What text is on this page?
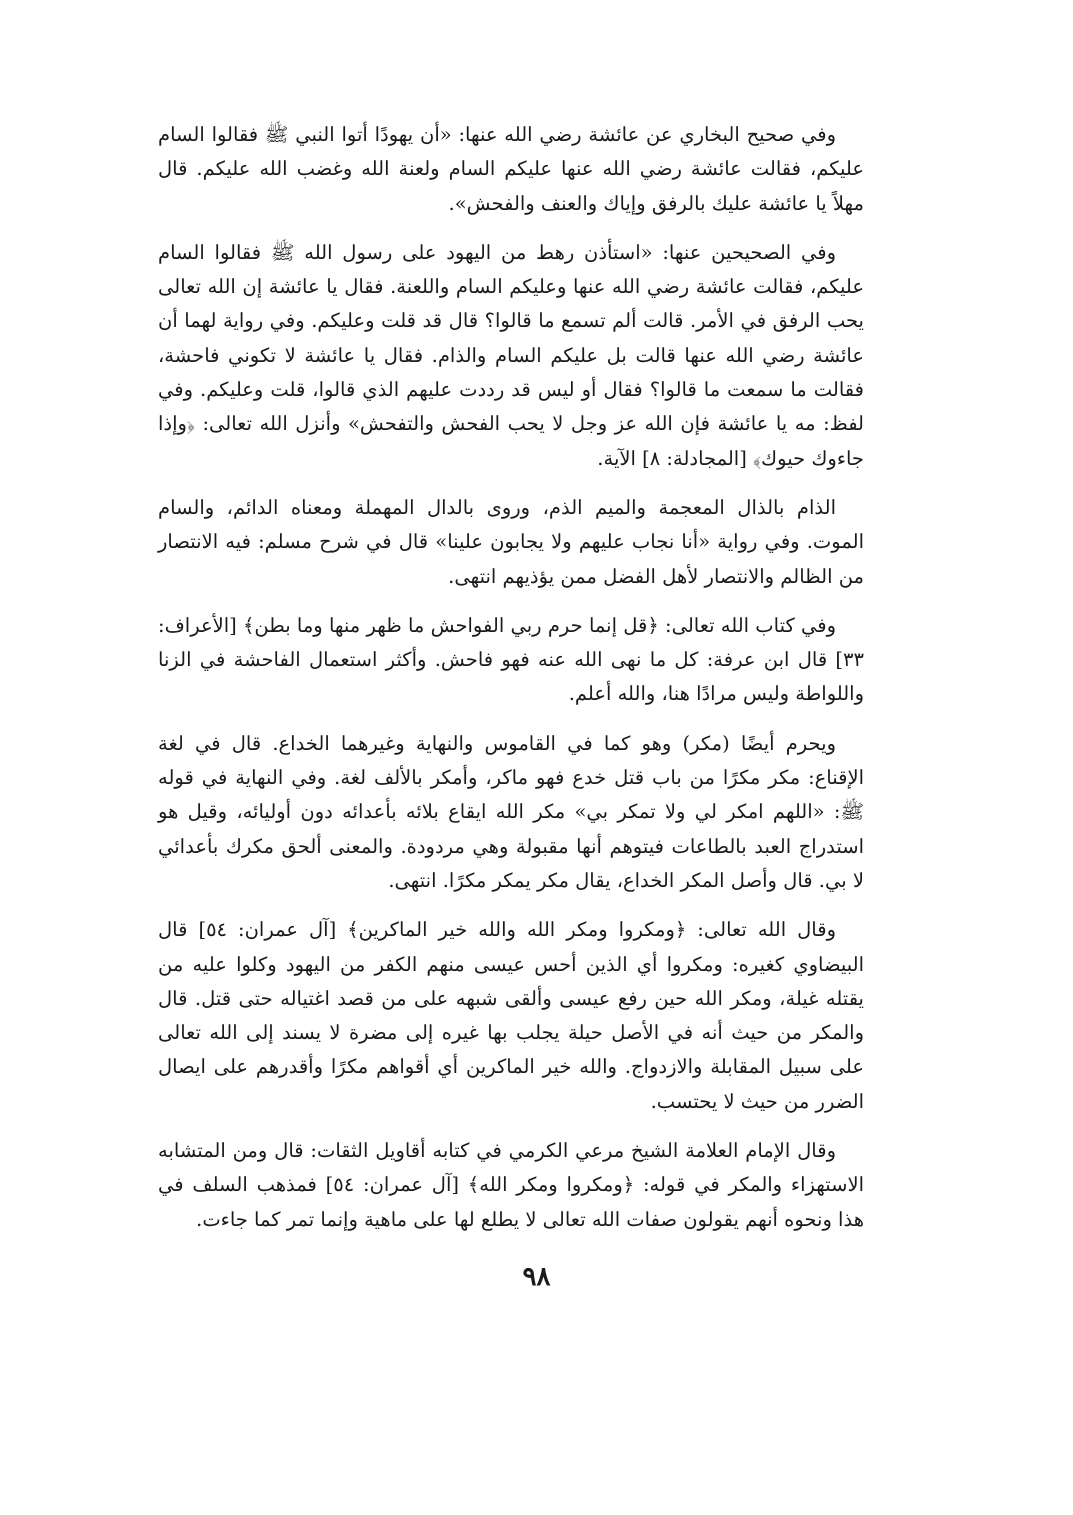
وفي صحيح البخاري عن عائشة رضي الله عنها: «أن يهودًا أتوا النبي ﷺ فقالوا السام عليكم، فقالت عائشة رضي الله عنها عليكم السام ولعنة الله وغضب الله عليكم. قال مهلاً يا عائشة عليك بالرفق وإياك والعنف والفحش».

وفي الصحيحين عنها: «استأذن رهط من اليهود على رسول الله ﷺ فقالوا السام عليكم، فقالت عائشة رضي الله عنها وعليكم السام واللعنة. فقال يا عائشة إن الله تعالى يحب الرفق في الأمر. قالت ألم تسمع ما قالوا؟ قال قد قلت وعليكم. وفي رواية لهما أن عائشة رضي الله عنها قالت بل عليكم السام والذام. فقال يا عائشة لا تكوني فاحشة، فقالت ما سمعت ما قالوا؟ فقال أو ليس قد رددت عليهم الذي قالوا، قلت وعليكم. وفي لفظ: مه يا عائشة فإن الله عز وجل لا يحب الفحش والتفحش» وأنزل الله تعالى: ﴿وإذا جاءوك حيوك﴾ [المجادلة: ٨] الآية.

الذام بالذال المعجمة والميم الذم، وروى بالدال المهملة ومعناه الدائم، والسام الموت. وفي رواية «أنا نجاب عليهم ولا يجابون علينا» قال في شرح مسلم: فيه الانتصار من الظالم والانتصار لأهل الفضل ممن يؤذيهم انتهى.

وفي كتاب الله تعالى: ﴿قل إنما حرم ربي الفواحش ما ظهر منها وما بطن﴾ [الأعراف: ٣٣] قال ابن عرفة: كل ما نهى الله عنه فهو فاحش. وأكثر استعمال الفاحشة في الزنا واللواطة وليس مرادًا هنا، والله أعلم.

ويحرم أيضًا (مكر) وهو كما في القاموس والنهاية وغيرهما الخداع. قال في لغة الإقناع: مكر مكرًا من باب قتل خدع فهو ماكر، وأمكر بالألف لغة. وفي النهاية في قوله ﷺ: «اللهم امكر لي ولا تمكر بي» مكر الله ايقاع بلائه بأعدائه دون أوليائه، وقيل هو استدراج العبد بالطاعات فيتوهم أنها مقبولة وهي مردودة. والمعنى ألحق مكرك بأعدائي لا بي. قال وأصل المكر الخداع، يقال مكر يمكر مكرًا. انتهى.

وقال الله تعالى: ﴿ومكروا ومكر الله والله خير الماكرين﴾ [آل عمران: ٥٤] قال البيضاوي كغيره: ومكروا أي الذين أحس عيسى منهم الكفر من اليهود وكلوا عليه من يقتله غيلة، ومكر الله حين رفع عيسى وألقى شبهه على من قصد اغتياله حتى قتل. قال والمكر من حيث أنه في الأصل حيلة يجلب بها غيره إلى مضرة لا يسند إلى الله تعالى على سبيل المقابلة والازدواج. والله خير الماكرين أي أقواهم مكرًا وأقدرهم على ايصال الضرر من حيث لا يحتسب.

وقال الإمام العلامة الشيخ مرعي الكرمي في كتابه أقاويل الثقات: قال ومن المتشابه الاستهزاء والمكر في قوله: ﴿ومكروا ومكر الله﴾ [آل عمران: ٥٤] فمذهب السلف في هذا ونحوه أنهم يقولون صفات الله تعالى لا يطلع لها على ماهية وإنما تمر كما جاءت.

٩٨
